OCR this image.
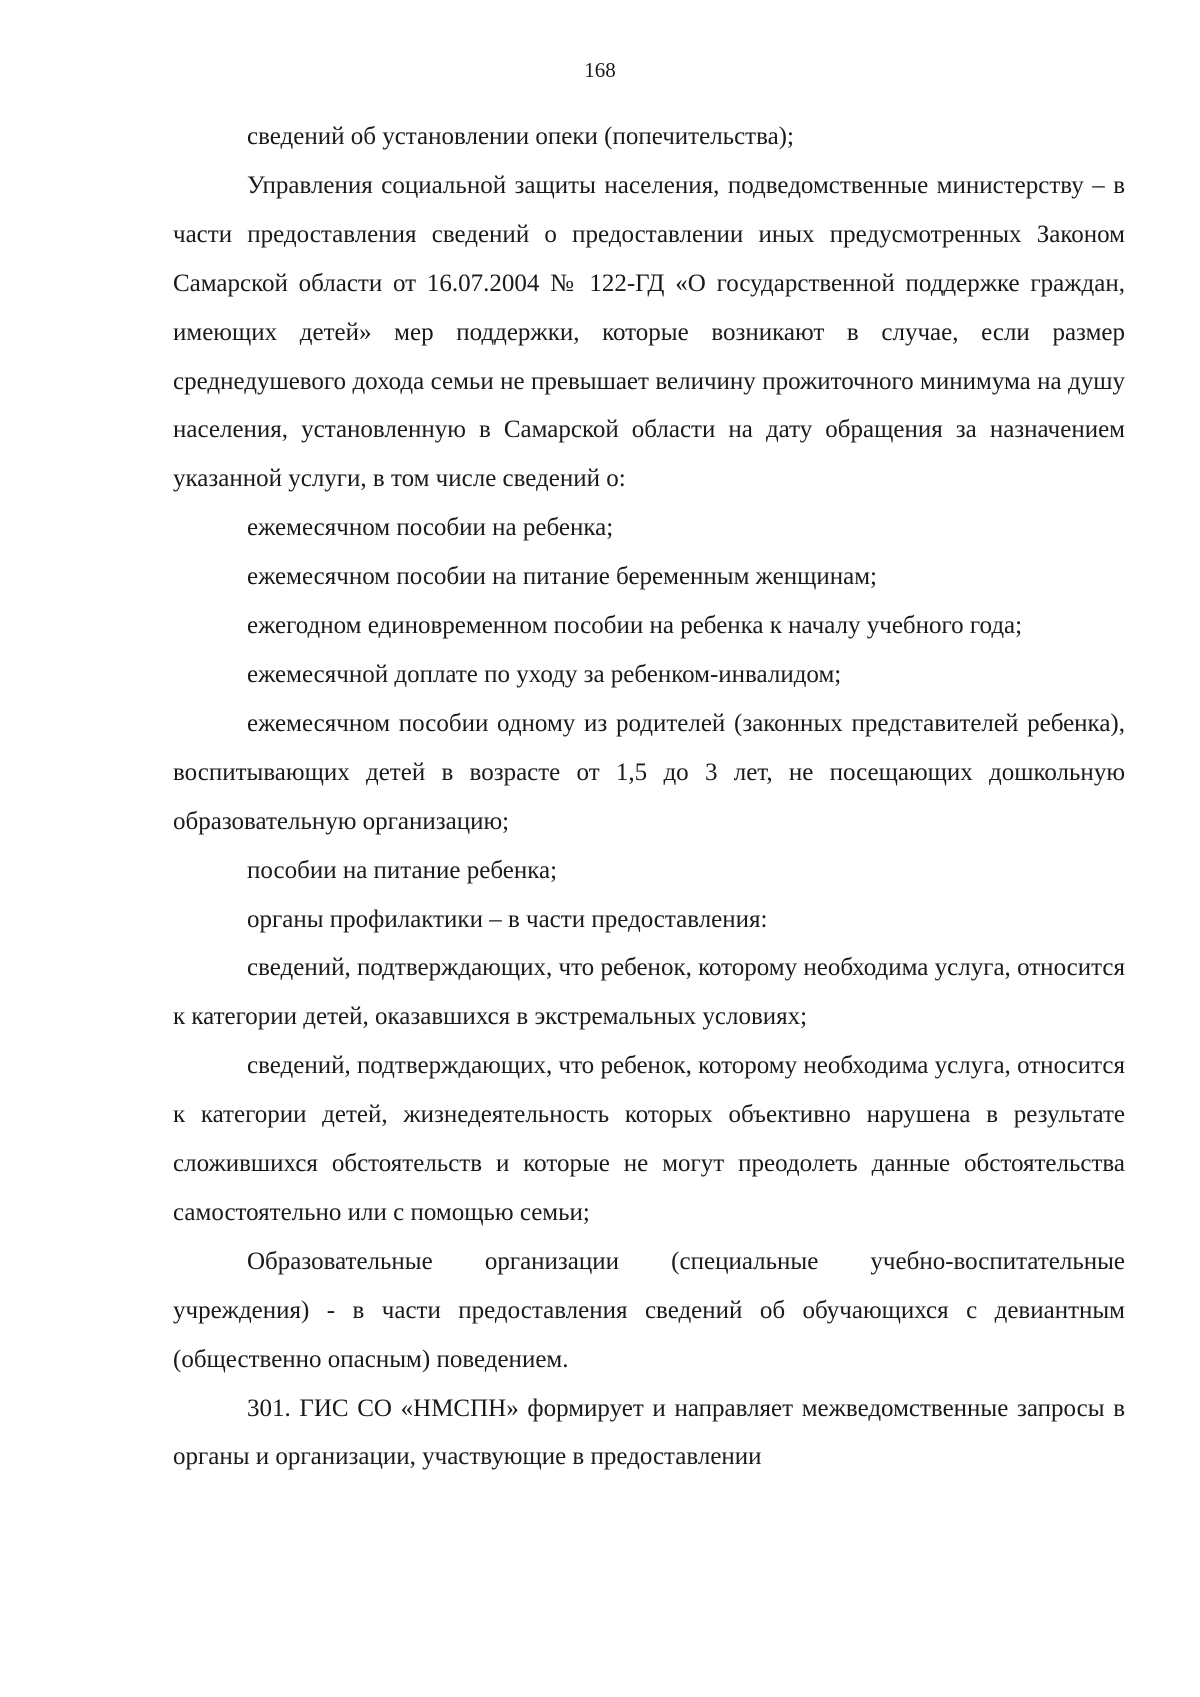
168

сведений об установлении опеки (попечительства);

Управления социальной защиты населения, подведомственные министерству – в части предоставления сведений о предоставлении иных предусмотренных Законом Самарской области от 16.07.2004 № 122-ГД «О государственной поддержке граждан, имеющих детей» мер поддержки, которые возникают в случае, если размер среднедушевого дохода семьи не превышает величину прожиточного минимума на душу населения, установленную в Самарской области на дату обращения за назначением указанной услуги, в том числе сведений о:

ежемесячном пособии на ребенка;

ежемесячном пособии на питание беременным женщинам;

ежегодном единовременном пособии на ребенка к началу учебного года;

ежемесячной доплате по уходу за ребенком-инвалидом;

ежемесячном пособии одному из родителей (законных представителей ребенка), воспитывающих детей в возрасте от 1,5 до 3 лет, не посещающих дошкольную образовательную организацию;

пособии на питание ребенка;

органы профилактики – в части предоставления:

сведений, подтверждающих, что ребенок, которому необходима услуга, относится к категории детей, оказавшихся в экстремальных условиях;

сведений, подтверждающих, что ребенок, которому необходима услуга, относится к категории детей, жизнедеятельность которых объективно нарушена в результате сложившихся обстоятельств и которые не могут преодолеть данные обстоятельства самостоятельно или с помощью семьи;

Образовательные организации (специальные учебно-воспитательные учреждения) - в части предоставления сведений об обучающихся с девиантным (общественно опасным) поведением.

301. ГИС СО «НМСПН» формирует и направляет межведомственные запросы в органы и организации, участвующие в предоставлении
